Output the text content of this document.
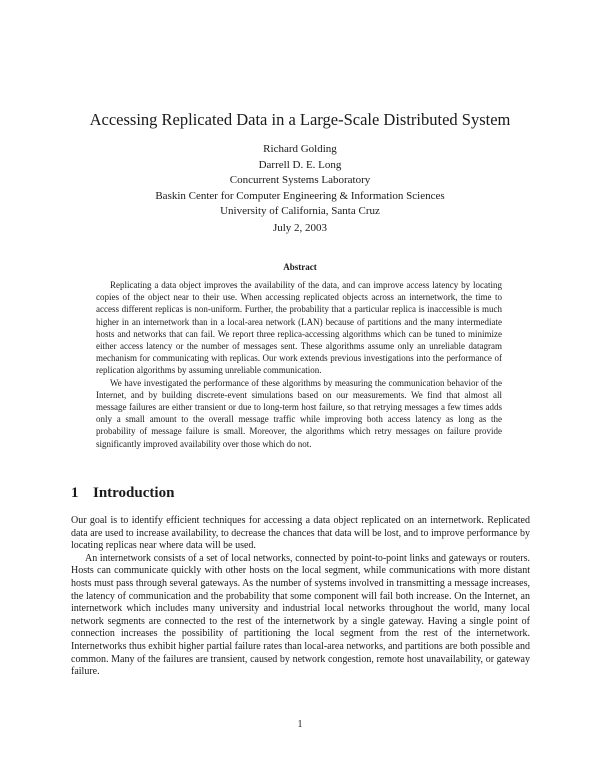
Accessing Replicated Data in a Large-Scale Distributed System
Richard Golding
Darrell D. E. Long
Concurrent Systems Laboratory
Baskin Center for Computer Engineering & Information Sciences
University of California, Santa Cruz
July 2, 2003
Abstract

Replicating a data object improves the availability of the data, and can improve access latency by locating copies of the object near to their use. When accessing replicated objects across an internetwork, the time to access different replicas is non-uniform. Further, the probability that a particular replica is inaccessible is much higher in an internetwork than in a local-area network (LAN) because of partitions and the many intermediate hosts and networks that can fail. We report three replica-accessing algorithms which can be tuned to minimize either access latency or the number of messages sent. These algorithms assume only an unreliable datagram mechanism for communicating with replicas. Our work extends previous investigations into the performance of replication algorithms by assuming unreliable communication.

We have investigated the performance of these algorithms by measuring the communication behavior of the Internet, and by building discrete-event simulations based on our measurements. We find that almost all message failures are either transient or due to long-term host failure, so that retrying messages a few times adds only a small amount to the overall message traffic while improving both access latency as long as the probability of message failure is small. Moreover, the algorithms which retry messages on failure provide significantly improved availability over those which do not.

1 Introduction

Our goal is to identify efficient techniques for accessing a data object replicated on an internetwork. Replicated data are used to increase availability, to decrease the chances that data will be lost, and to improve performance by locating replicas near where data will be used.

An internetwork consists of a set of local networks, connected by point-to-point links and gateways or routers. Hosts can communicate quickly with other hosts on the local segment, while communications with more distant hosts must pass through several gateways. As the number of systems involved in transmitting a message increases, the latency of communication and the probability that some component will fail both increase. On the Internet, an internetwork which includes many university and industrial local networks throughout the world, many local network segments are connected to the rest of the internetwork by a single gateway. Having a single point of connection increases the possibility of partitioning the local segment from the rest of the internetwork. Internetworks thus exhibit higher partial failure rates than local-area networks, and partitions are both possible and common. Many of the failures are transient, caused by network congestion, remote host unavailability, or gateway failure.

1
